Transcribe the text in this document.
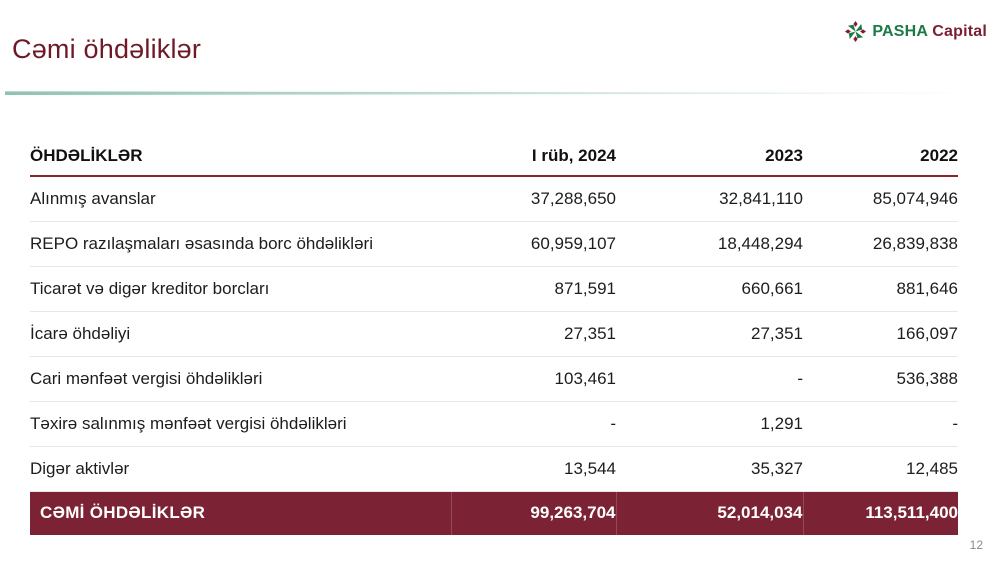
Cəmi öhdəliklər
PASHA Capital
ÖHDƏLİKLƏR	I rüb, 2024	2023	2022
Alınmış avanslar	37,288,650	32,841,110	85,074,946
REPO razılaşmaları əsasında borc öhdəlikləri	60,959,107	18,448,294	26,839,838
Ticarət və digər kreditor borcları	871,591	660,661	881,646
İcarə öhdəliyi	27,351	27,351	166,097
Cari mənfəət vergisi öhdəlikləri	103,461	-	536,388
Təxirə salınmış mənfəət vergisi öhdəlikləri	-	1,291	-
Digər aktivlər	13,544	35,327	12,485
CƏMİ ÖHDƏLİKLƏR	99,263,704	52,014,034	113,511,400
12
